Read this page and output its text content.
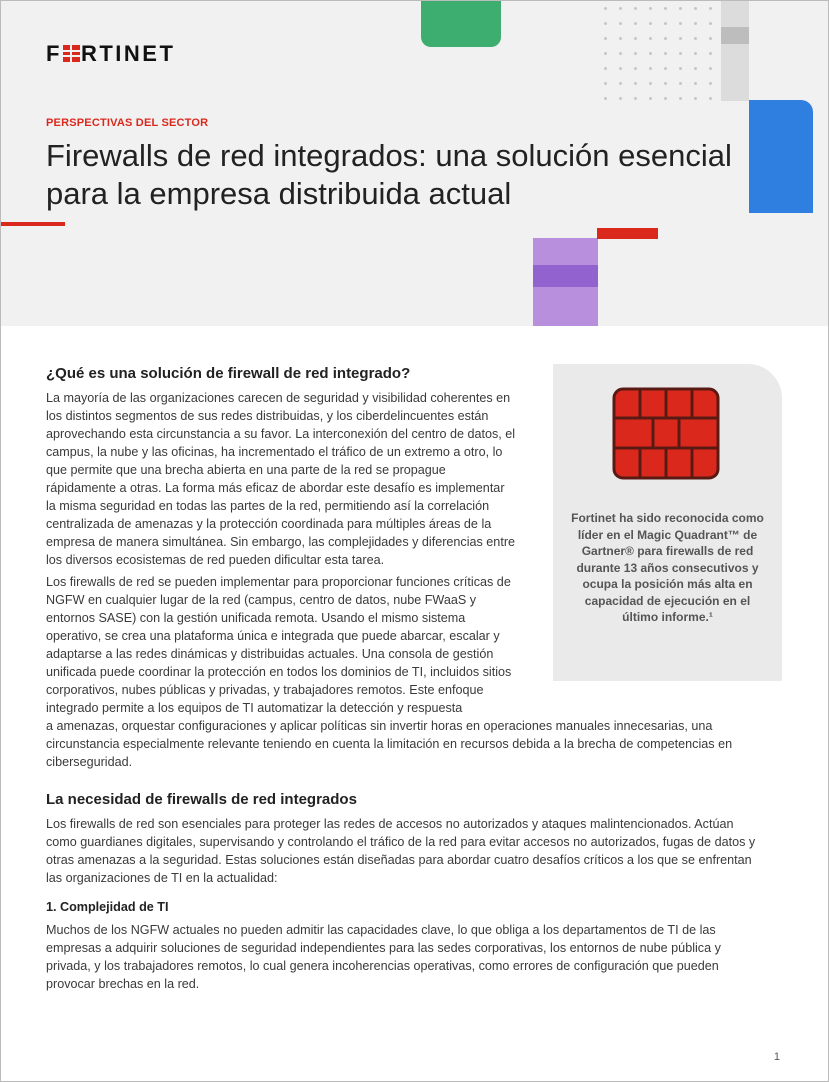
F RTINET
PERSPECTIVAS DEL SECTOR
Firewalls de red integrados: una solución esencial para la empresa distribuida actual
¿Qué es una solución de firewall de red integrado?

La mayoría de las organizaciones carecen de seguridad y visibilidad coherentes en los distintos segmentos de sus redes distribuidas, y los ciberdelincuentes están aprovechando esta circunstancia a su favor. La interconexión del centro de datos, el campus, la nube y las oficinas, ha incrementado el tráfico de un extremo a otro, lo que permite que una brecha abierta en una parte de la red se propague rápidamente a otras. La forma más eficaz de abordar este desafío es implementar la misma seguridad en todas las partes de la red, permitiendo así la correlación centralizada de amenazas y la protección coordinada para múltiples áreas de la empresa de manera simultánea. Sin embargo, las complejidades y diferencias entre los diversos ecosistemas de red pueden dificultar esta tarea.

Los firewalls de red se pueden implementar para proporcionar funciones críticas de NGFW en cualquier lugar de la red (campus, centro de datos, nube FWaaS y entornos SASE) con la gestión unificada remota. Usando el mismo sistema operativo, se crea una plataforma única e integrada que puede abarcar, escalar y adaptarse a las redes dinámicas y distribuidas actuales. Una consola de gestión unificada puede coordinar la protección en todos los dominios de TI, incluidos sitios corporativos, nubes públicas y privadas, y trabajadores remotos. Este enfoque integrado permite a los equipos de TI automatizar la detección y respuesta

a amenazas, orquestar configuraciones y aplicar políticas sin invertir horas en operaciones manuales innecesarias, una circunstancia especialmente relevante teniendo en cuenta la limitación en recursos debida a la brecha de competencias en ciberseguridad.

Fortinet ha sido reconocida como líder en el Magic Quadrant™ de Gartner® para firewalls de red durante 13 años consecutivos y ocupa la posición más alta en capacidad de ejecución en el último informe.¹
La necesidad de firewalls de red integrados

Los firewalls de red son esenciales para proteger las redes de accesos no autorizados y ataques malintencionados. Actúan como guardianes digitales, supervisando y controlando el tráfico de la red para evitar accesos no autorizados, fugas de datos y otras amenazas a la seguridad. Estas soluciones están diseñadas para abordar cuatro desafíos críticos a los que se enfrentan las organizaciones de TI en la actualidad:

1. Complejidad de TI

Muchos de los NGFW actuales no pueden admitir las capacidades clave, lo que obliga a los departamentos de TI de las empresas a adquirir soluciones de seguridad independientes para las sedes corporativas, los entornos de nube pública y privada, y los trabajadores remotos, lo cual genera incoherencias operativas, como errores de configuración que pueden provocar brechas en la red.

1
